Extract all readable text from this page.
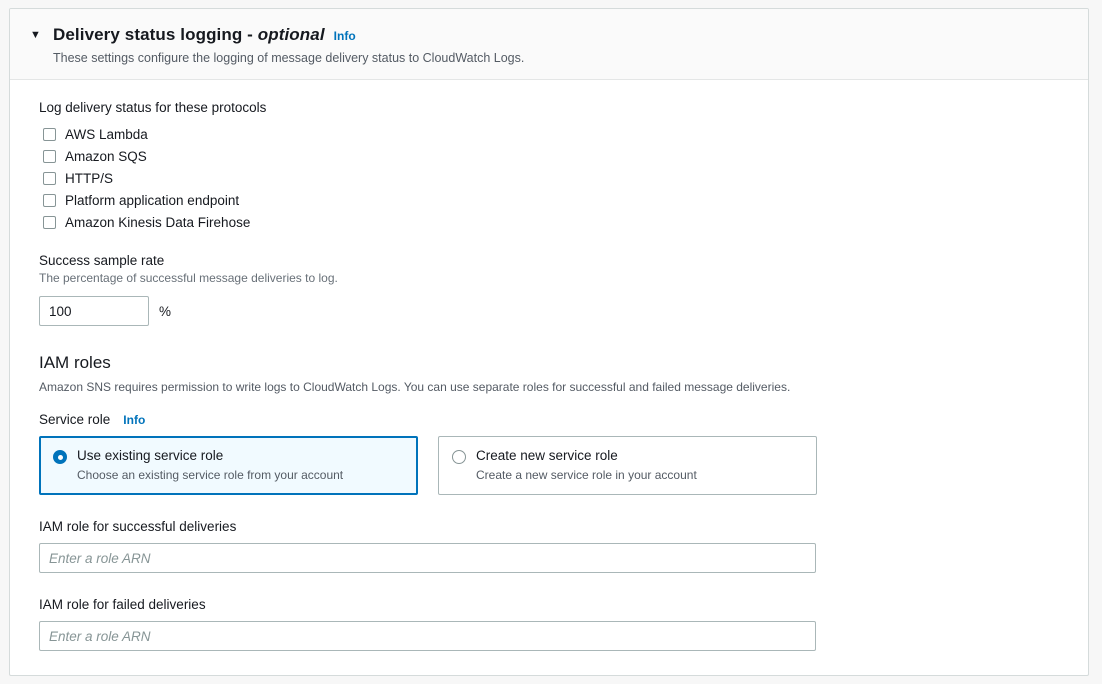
▼ Delivery status logging - optional Info
These settings configure the logging of message delivery status to CloudWatch Logs.
Log delivery status for these protocols
AWS Lambda
Amazon SQS
HTTP/S
Platform application endpoint
Amazon Kinesis Data Firehose
Success sample rate
The percentage of successful message deliveries to log.
100
%
IAM roles
Amazon SNS requires permission to write logs to CloudWatch Logs. You can use separate roles for successful and failed message deliveries.
Service role Info
Use existing service role
Choose an existing service role from your account
Create new service role
Create a new service role in your account
IAM role for successful deliveries
Enter a role ARN
IAM role for failed deliveries
Enter a role ARN
